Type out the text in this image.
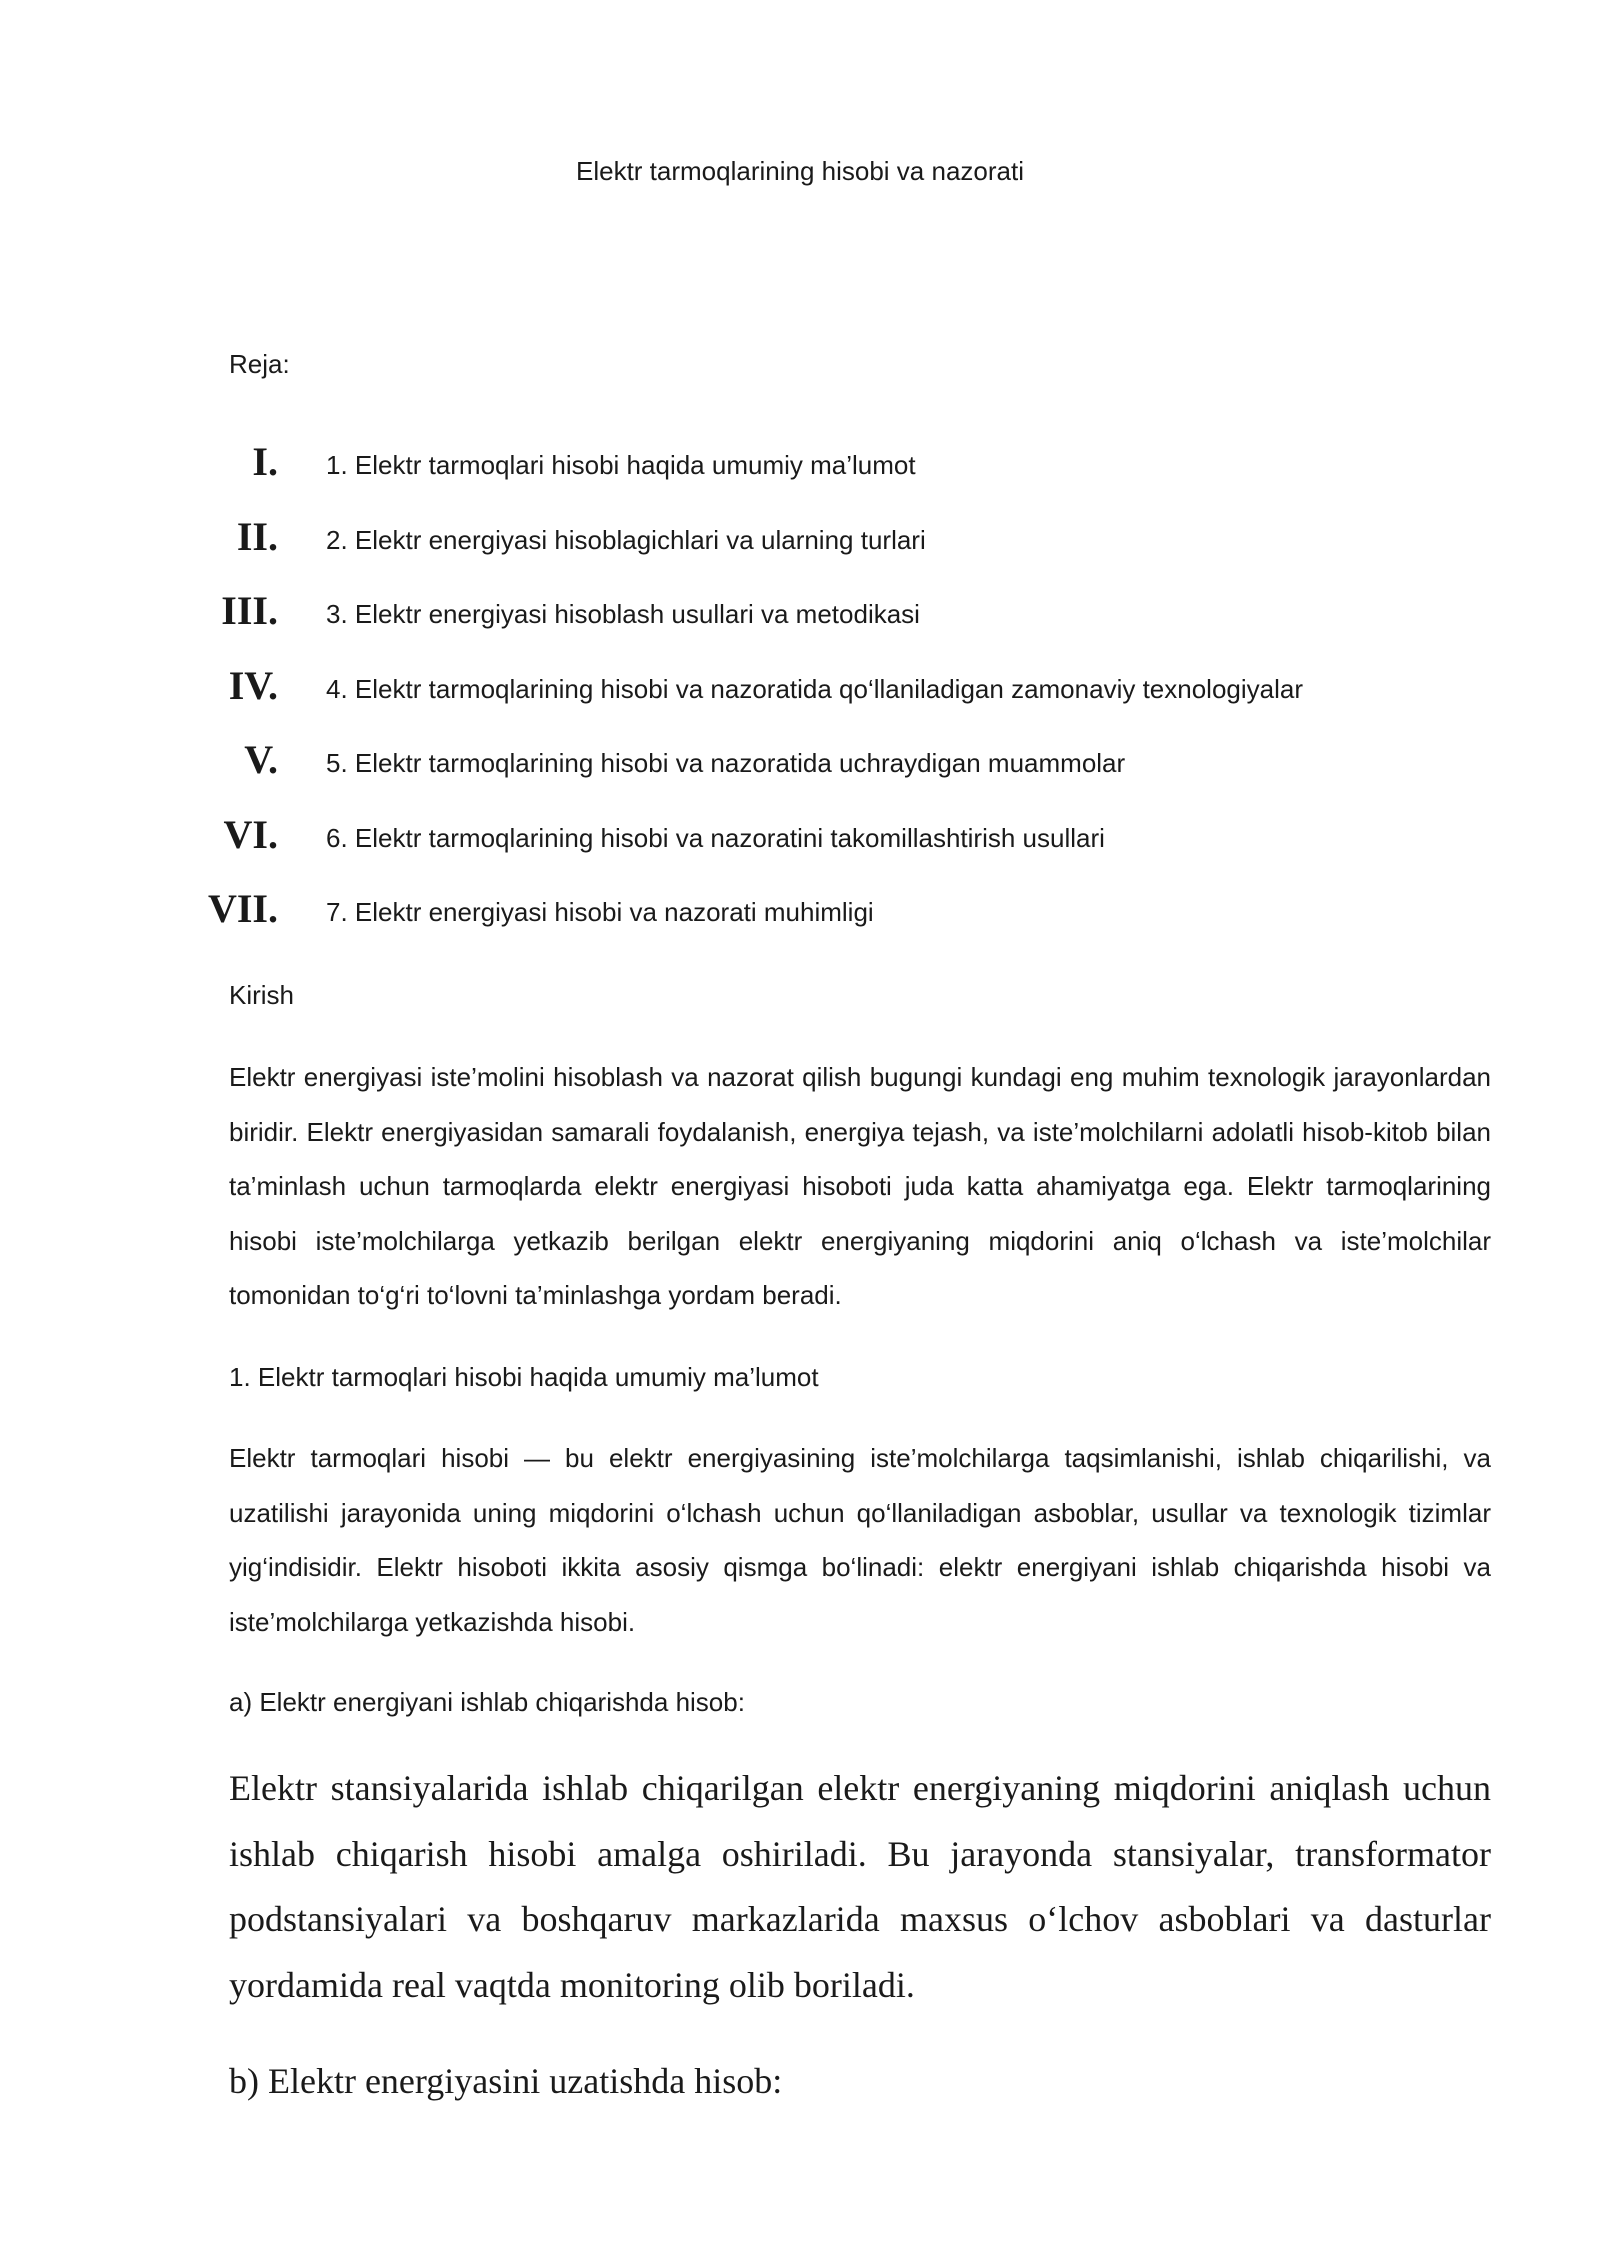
Elektr tarmoqlarining hisobi va nazorati

Reja:

I. 1. Elektr tarmoqlari hisobi haqida umumiy ma’lumot
II. 2. Elektr energiyasi hisoblagichlari va ularning turlari
III. 3. Elektr energiyasi hisoblash usullari va metodikasi
IV. 4. Elektr tarmoqlarining hisobi va nazoratida qo‘llaniladigan zamonaviy texnologiyalar
V. 5. Elektr tarmoqlarining hisobi va nazoratida uchraydigan muammolar
VI. 6. Elektr tarmoqlarining hisobi va nazoratini takomillashtirish usullari
VII. 7. Elektr energiyasi hisobi va nazorati muhimligi
Kirish

Elektr energiyasi iste’molini hisoblash va nazorat qilish bugungi kundagi eng muhim texnologik jarayonlardan biridir. Elektr energiyasidan samarali foydalanish, energiya tejash, va iste’molchilarni adolatli hisob-kitob bilan ta’minlash uchun tarmoqlarda elektr energiyasi hisoboti juda katta ahamiyatga ega. Elektr tarmoqlarining hisobi iste’molchilarga yetkazib berilgan elektr energiyaning miqdorini aniq o‘lchash va iste’molchilar tomonidan to‘g‘ri to‘lovni ta’minlashga yordam beradi.

1. Elektr tarmoqlari hisobi haqida umumiy ma’lumot

Elektr tarmoqlari hisobi — bu elektr energiyasining iste’molchilarga taqsimlanishi, ishlab chiqarilishi, va uzatilishi jarayonida uning miqdorini o‘lchash uchun qo‘llaniladigan asboblar, usullar va texnologik tizimlar yig‘indisidir. Elektr hisoboti ikkita asosiy qismga bo‘linadi: elektr energiyani ishlab chiqarishda hisobi va iste’molchilarga yetkazishda hisobi.

a) Elektr energiyani ishlab chiqarishda hisob:

Elektr stansiyalarida ishlab chiqarilgan elektr energiyaning miqdorini aniqlash uchun ishlab chiqarish hisobi amalga oshiriladi. Bu jarayonda stansiyalar, transformator podstansiyalari va boshqaruv markazlarida maxsus o‘lchov asboblari va dasturlar yordamida real vaqtda monitoring olib boriladi.

b) Elektr energiyasini uzatishda hisob:
